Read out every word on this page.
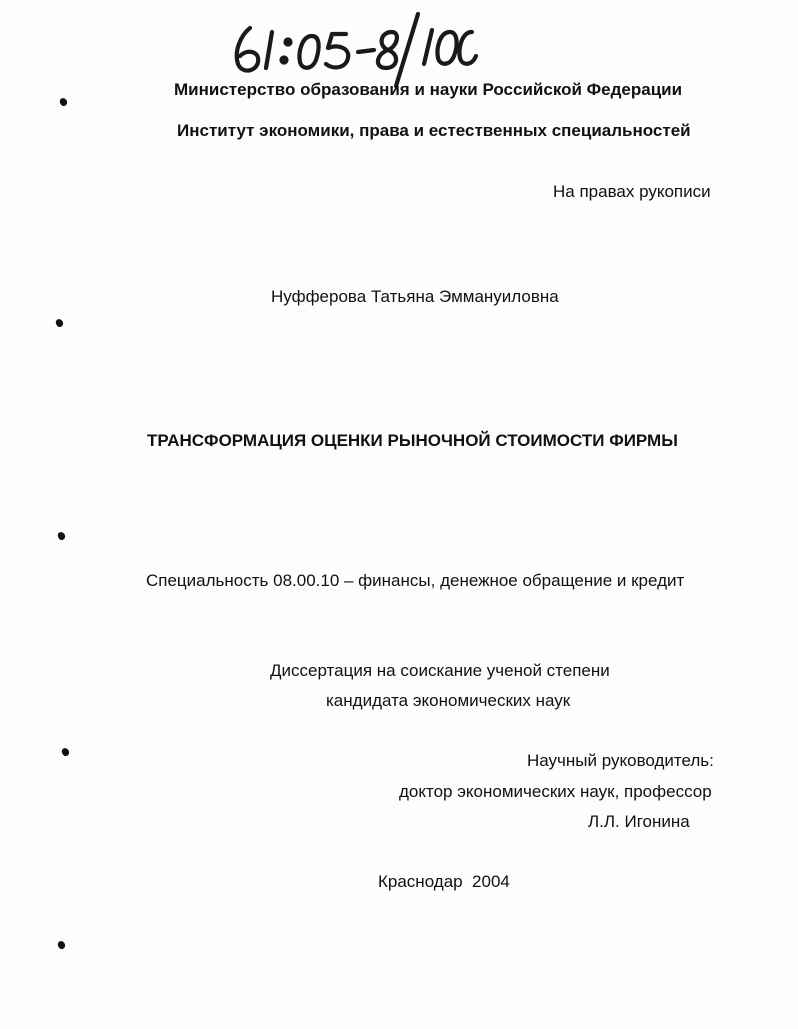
Министерство образования и науки Российской Федерации
Институт экономики, права и естественных специальностей
На правах рукописи
Нуфферова Татьяна Эммануиловна
ТРАНСФОРМАЦИЯ ОЦЕНКИ РЫНОЧНОЙ СТОИМОСТИ ФИРМЫ
Специальность 08.00.10 – финансы, денежное обращение и кредит
Диссертация на соискание ученой степени
кандидата экономических наук
Научный руководитель:
доктор экономических наук, профессор
Л.Л. Игонина
Краснодар  2004
